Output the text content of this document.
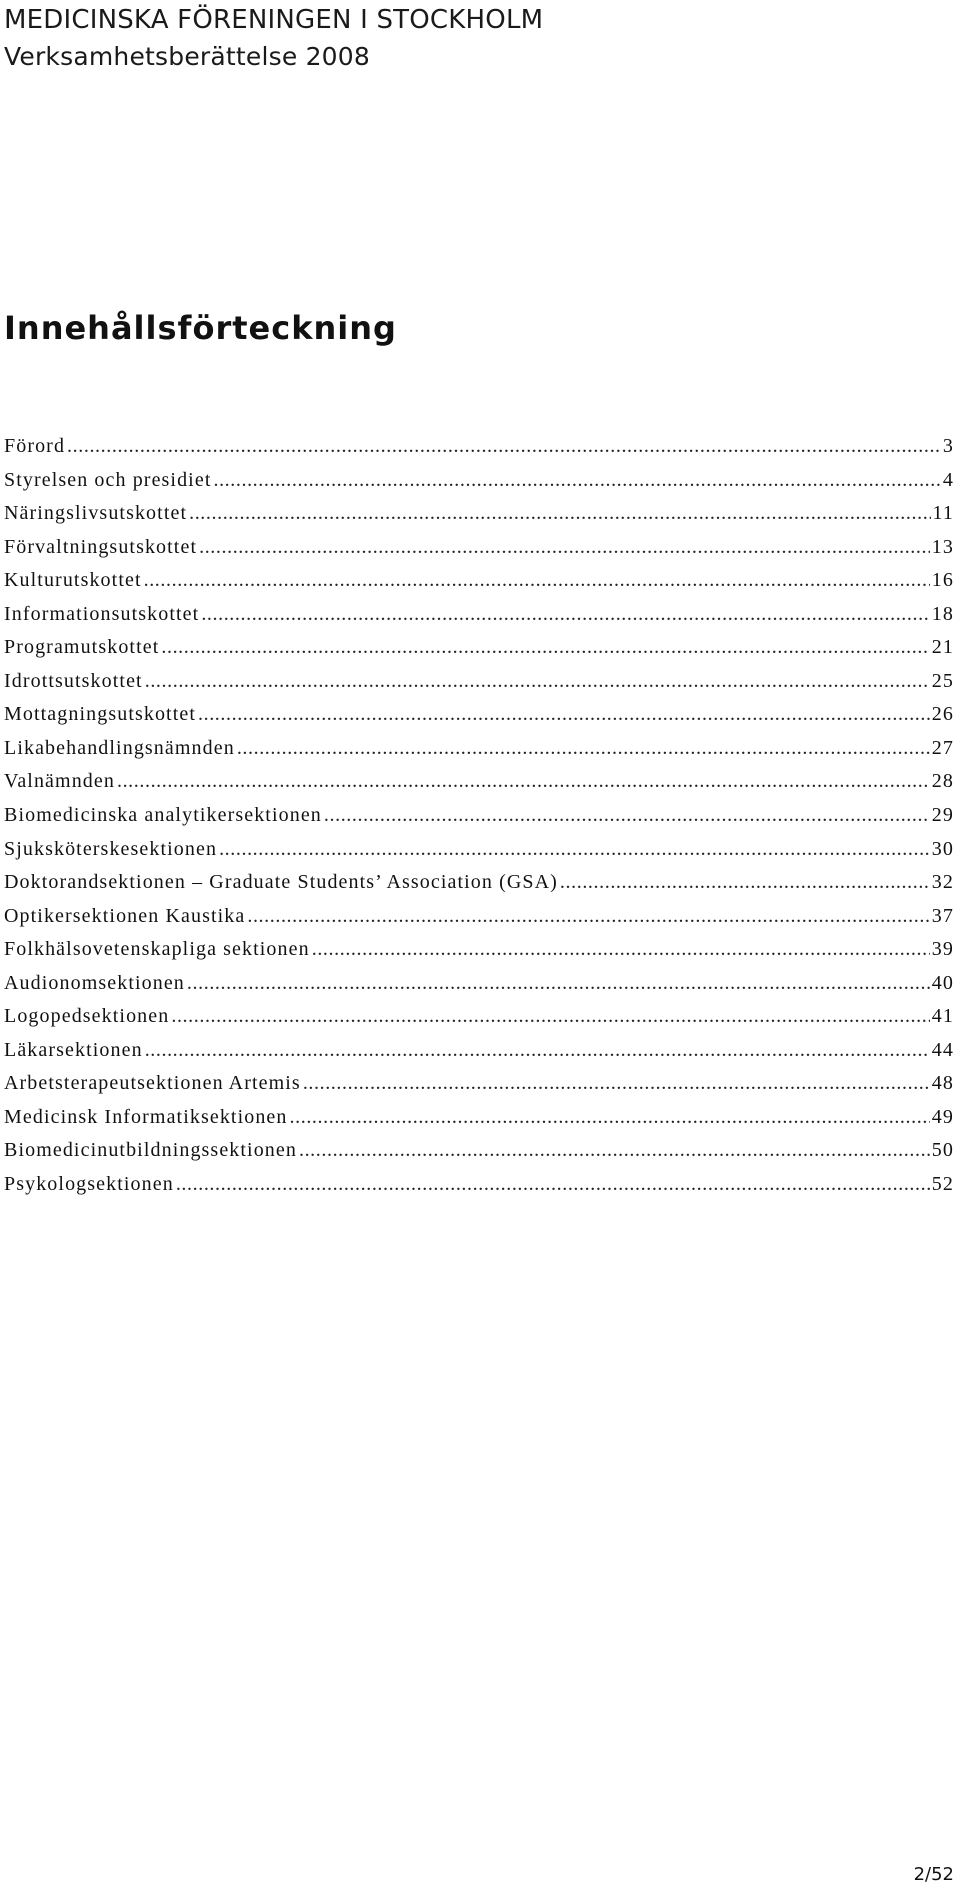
MEDICINSKA FÖRENINGEN I STOCKHOLM
Verksamhetsberättelse 2008
Innehållsförteckning
Förord .....	3
Styrelsen och presidiet .....	4
Näringslivsutskottet .....	11
Förvaltningsutskottet .....	13
Kulturutskottet .....	16
Informationsutskottet .....	18
Programutskottet .....	21
Idrottsutskottet .....	25
Mottagningsutskottet .....	26
Likabehandlingsnämnden .....	27
Valnämnden .....	28
Biomedicinska analytikersektionen .....	29
Sjuksköterskesektionen .....	30
Doktorandsektionen – Graduate Students’ Association (GSA) .....	32
Optikersektionen Kaustika .....	37
Folkhälsovetenskapliga sektionen .....	39
Audionomsektionen .....	40
Logopedsektionen .....	41
Läkarsektionen .....	44
Arbetsterapeutsektionen Artemis .....	48
Medicinsk Informatiksektionen .....	49
Biomedicinutbildningssektionen .....	50
Psykologsektionen .....	52
2/52
